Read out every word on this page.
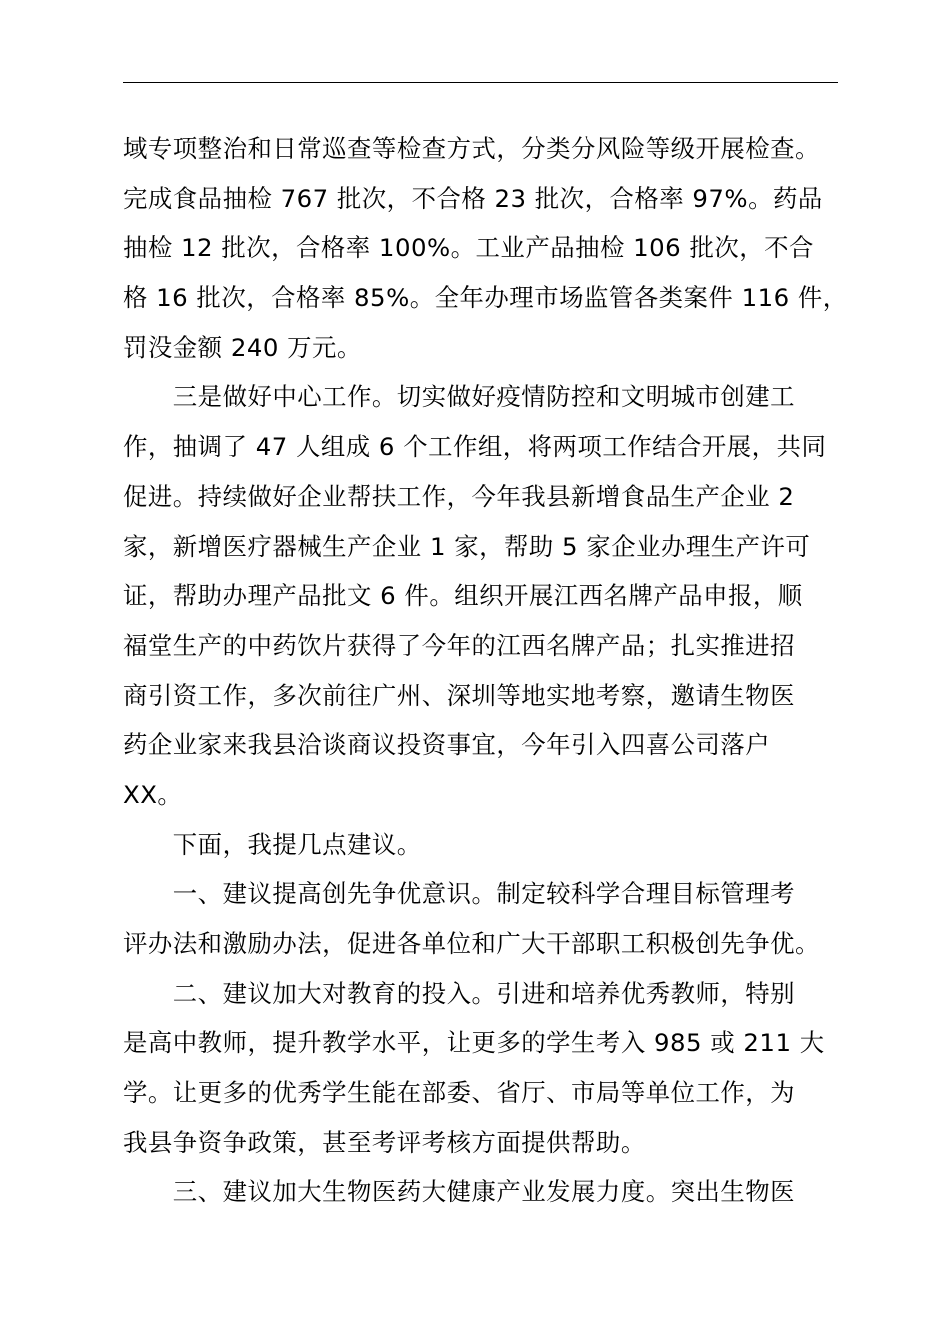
域专项整治和日常巡查等检查方式，分类分风险等级开展检查。
完成食品抽检 767 批次，不合格 23 批次，合格率 97%。药品
抽检 12 批次，合格率 100%。工业产品抽检 106 批次，不合
格 16 批次，合格率 85%。全年办理市场监管各类案件 116 件，
罚没金额 240 万元。
　　三是做好中心工作。切实做好疫情防控和文明城市创建工
作，抽调了 47 人组成 6 个工作组，将两项工作结合开展，共同
促进。持续做好企业帮扶工作，今年我县新增食品生产企业 2
家，新增医疗器械生产企业 1 家，帮助 5 家企业办理生产许可
证，帮助办理产品批文 6 件。组织开展江西名牌产品申报，顺
福堂生产的中药饮片获得了今年的江西名牌产品；扎实推进招
商引资工作，多次前往广州、深圳等地实地考察，邀请生物医
药企业家来我县洽谈商议投资事宜，今年引入四喜公司落户
XX。
　　下面，我提几点建议。
　　一、建议提高创先争优意识。制定较科学合理目标管理考
评办法和激励办法，促进各单位和广大干部职工积极创先争优。
　　二、建议加大对教育的投入。引进和培养优秀教师，特别
是高中教师，提升教学水平，让更多的学生考入 985 或 211 大
学。让更多的优秀学生能在部委、省厅、市局等单位工作，为
我县争资争政策，甚至考评考核方面提供帮助。
　　三、建议加大生物医药大健康产业发展力度。突出生物医
